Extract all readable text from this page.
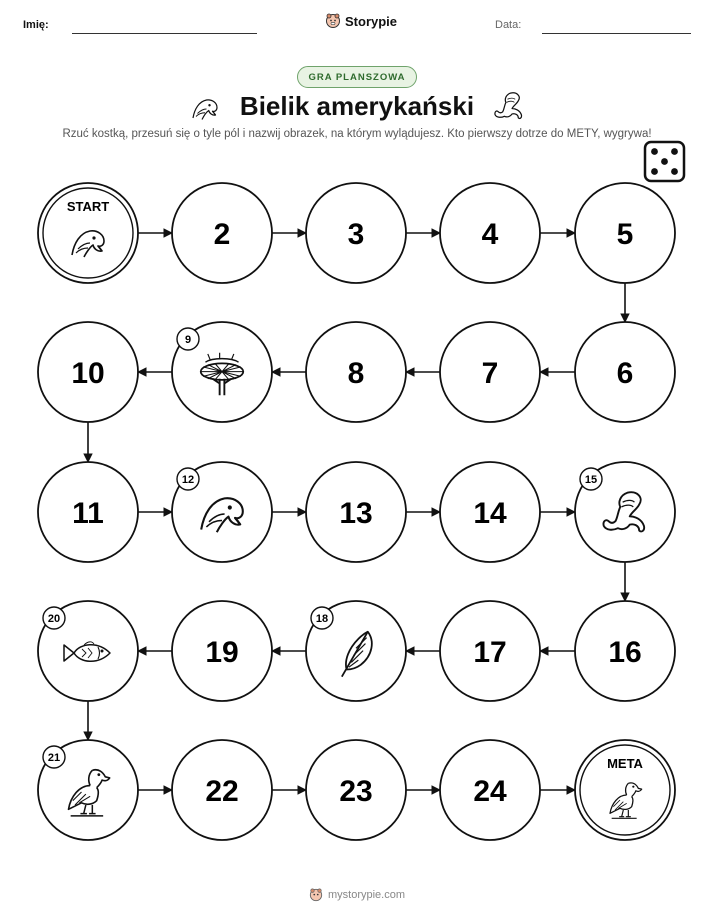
Imię:	Storypie	Data:
GRA PLANSZOWA
Bielik amerykański
Rzuć kostką, przesuń się o tyle pól i nazwij obrazek, na którym wylądujesz. Kto pierwszy dotrze do METY, wygrywa!
START
2	3	4	5
6
7
8
9
10
11
12
13	14
15
16
17
18
19
20
21
22	23	24
META
mystorypie.com
